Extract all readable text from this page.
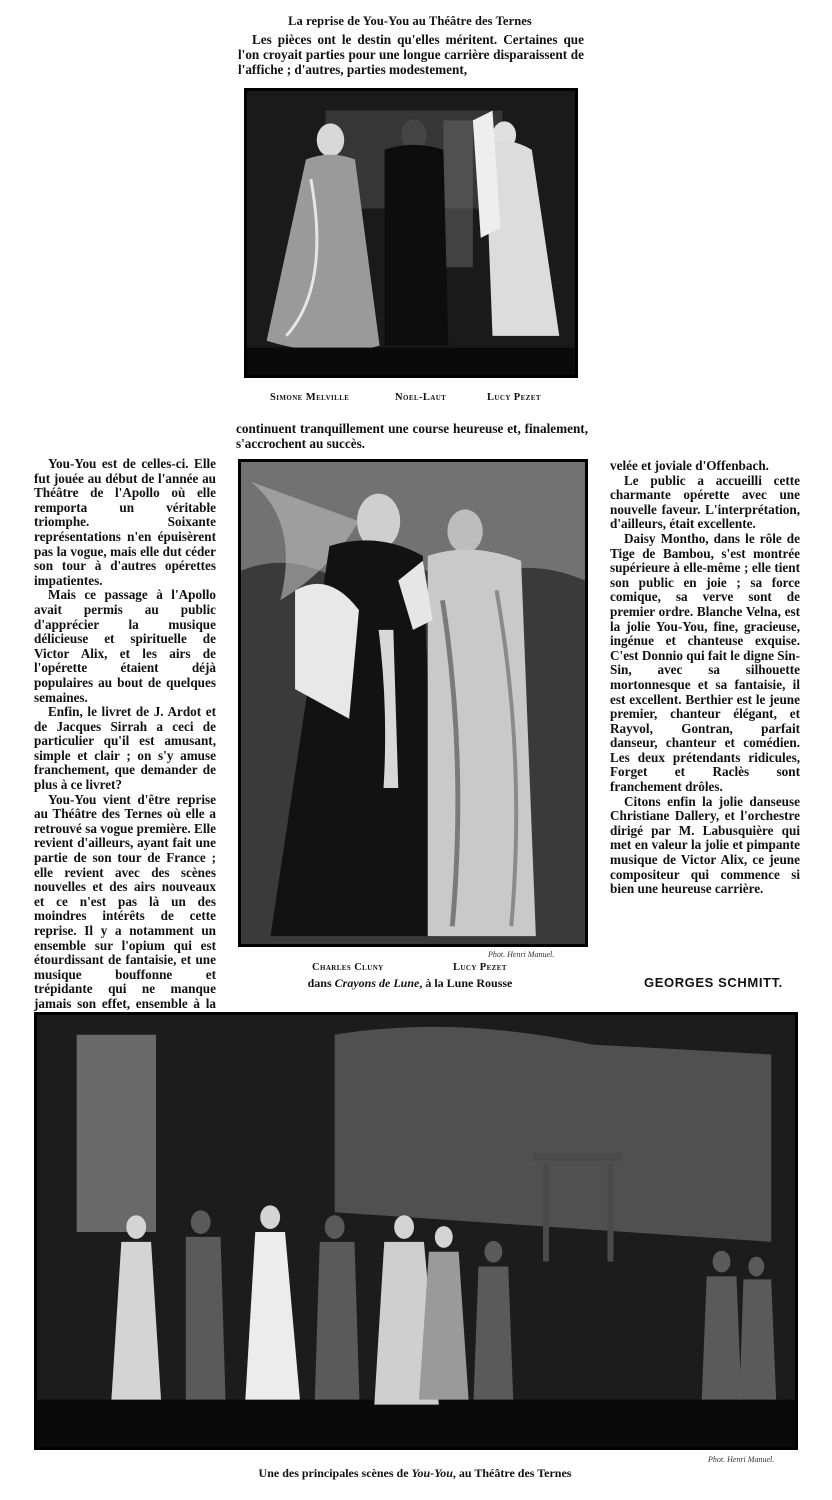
La reprise de You-You au Théâtre des Ternes
Les pièces ont le destin qu'elles méritent. Certaines que l'on croyait parties pour une longue carrière disparaissent de l'affiche ; d'autres, parties modestement,
Simone Melville	Noel-Laut	Lucy Pezet
continuent tranquillement une course heureuse et, finalement, s'accrochent au succès.

You-You est de celles-ci. Elle fut jouée au début de l'année au Théâtre de l'Apollo où elle remporta un véritable triomphe. Soixante représentations n'en épuisèrent pas la vogue, mais elle dut céder son tour à d'autres opérettes impatientes.

Mais ce passage à l'Apollo avait permis au public d'apprécier la musique délicieuse et spirituelle de Victor Alix, et les airs de l'opérette étaient déjà populaires au bout de quelques semaines.

Enfin, le livret de J. Ardot et de Jacques Sirrah a ceci de particulier qu'il est amusant, simple et clair ; on s'y amuse franchement, que demander de plus à ce livret?

You-You vient d'être reprise au Théâtre des Ternes où elle a retrouvé sa vogue première. Elle revient d'ailleurs, ayant fait une partie de son tour de France ; elle revient avec des scènes nouvelles et des airs nouveaux et ce n'est pas là un des moindres intérêts de cette reprise. Il y a notamment un ensemble sur l'opium qui est étourdissant de fantaisie, et une musique bouffonne et trépidante qui ne manque jamais son effet, ensemble à la

Phot. Henri Manuel.
Charles Cluny	Lucy Pezet
dans Crayons de Lune, à la Lune Rousse

velée et joviale d'Offenbach.

Le public a accueilli cette charmante opérette avec une nouvelle faveur. L'interprétation, d'ailleurs, était excellente.

Daisy Montho, dans le rôle de Tige de Bambou, s'est montrée supérieure à elle-même ; elle tient son public en joie ; sa force comique, sa verve sont de premier ordre. Blanche Velna, est la jolie You-You, fine, gracieuse, ingénue et chanteuse exquise. C'est Donnio qui fait le digne Sin-Sin, avec sa silhouette mortonnesque et sa fantaisie, il est excellent. Berthier est le jeune premier, chanteur élégant, et Rayvol, Gontran, parfait danseur, chanteur et comédien. Les deux prétendants ridicules, Forget et Raclès sont franchement drôles.

Citons enfin la jolie danseuse Christiane Dallery, et l'orchestre dirigé par M. Labusquière qui met en valeur la jolie et pimpante musique de Victor Alix, ce jeune compositeur qui commence si bien une heureuse carrière.

GEORGES SCHMITT.
Phot. Henri Manuel.
Une des principales scènes de You-You, au Théâtre des Ternes
